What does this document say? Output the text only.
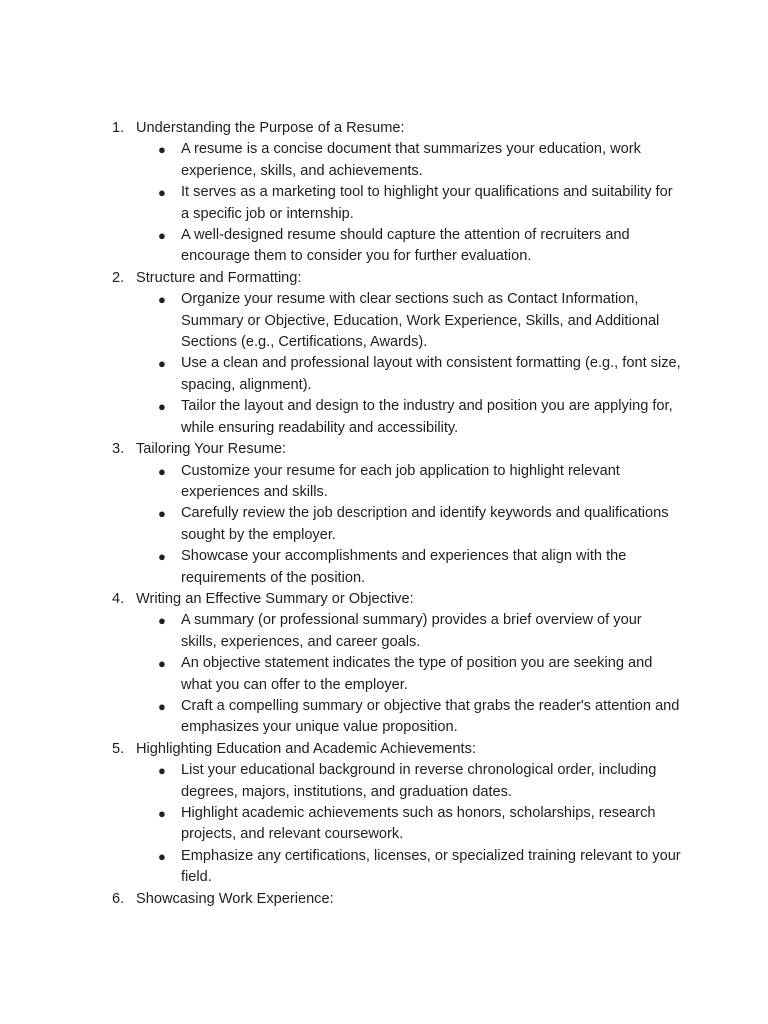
1. Understanding the Purpose of a Resume:
● A resume is a concise document that summarizes your education, work experience, skills, and achievements.
● It serves as a marketing tool to highlight your qualifications and suitability for a specific job or internship.
● A well-designed resume should capture the attention of recruiters and encourage them to consider you for further evaluation.
2. Structure and Formatting:
● Organize your resume with clear sections such as Contact Information, Summary or Objective, Education, Work Experience, Skills, and Additional Sections (e.g., Certifications, Awards).
● Use a clean and professional layout with consistent formatting (e.g., font size, spacing, alignment).
● Tailor the layout and design to the industry and position you are applying for, while ensuring readability and accessibility.
3. Tailoring Your Resume:
● Customize your resume for each job application to highlight relevant experiences and skills.
● Carefully review the job description and identify keywords and qualifications sought by the employer.
● Showcase your accomplishments and experiences that align with the requirements of the position.
4. Writing an Effective Summary or Objective:
● A summary (or professional summary) provides a brief overview of your skills, experiences, and career goals.
● An objective statement indicates the type of position you are seeking and what you can offer to the employer.
● Craft a compelling summary or objective that grabs the reader's attention and emphasizes your unique value proposition.
5. Highlighting Education and Academic Achievements:
● List your educational background in reverse chronological order, including degrees, majors, institutions, and graduation dates.
● Highlight academic achievements such as honors, scholarships, research projects, and relevant coursework.
● Emphasize any certifications, licenses, or specialized training relevant to your field.
6. Showcasing Work Experience:
